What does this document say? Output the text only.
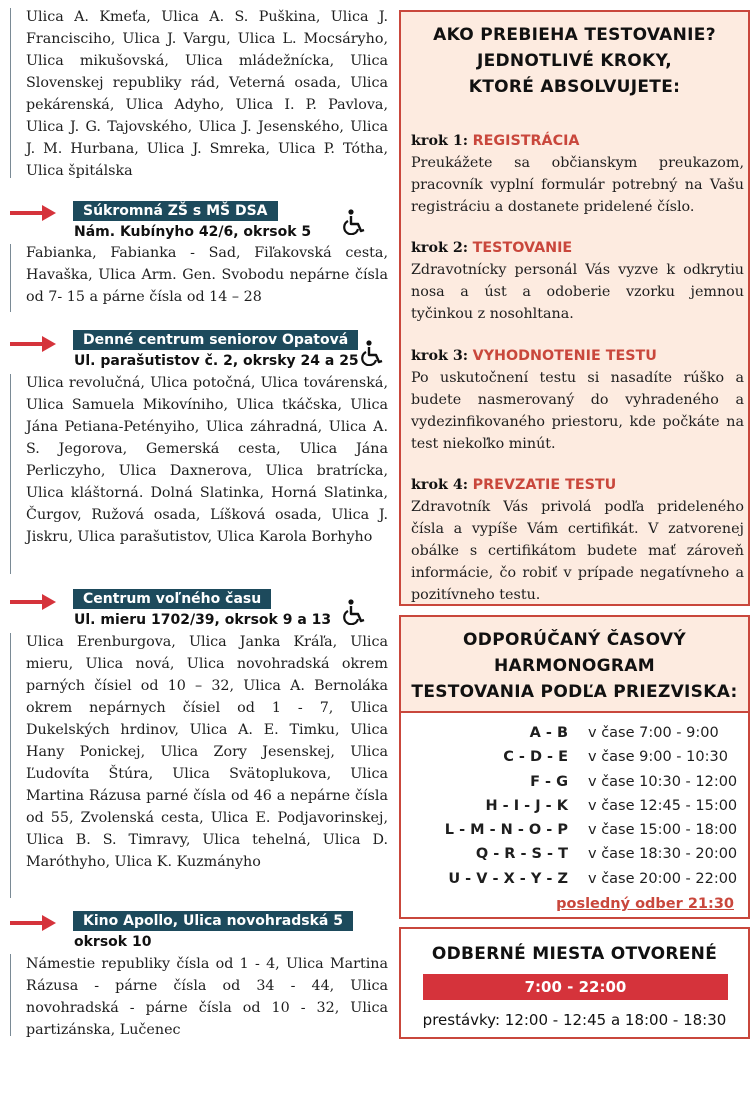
Ulica A. Kmeťa, Ulica A. S. Puškina, Ulica J. Francisciho, Ulica J. Vargu, Ulica L. Mocsáryho, Ulica mikušovská, Ulica mládežnícka, Ulica Slovenskej republiky rád, Veterná osada, Ulica pekárenská, Ulica Adyho, Ulica I. P. Pavlova, Ulica J. G. Tajovského, Ulica J. Jesenského, Ulica J. M. Hurbana, Ulica J. Smreka, Ulica P. Tótha, Ulica špitálska
Súkromná ZŠ s MŠ DSA
Nám. Kubínyho 42/6, okrsok 5
Fabianka, Fabianka - Sad, Fiľakovská cesta, Havaška, Ulica Arm. Gen. Svobodu nepárne čísla od 7- 15 a párne čísla od 14 – 28
Denné centrum seniorov Opatová
Ul. parašutistov č. 2, okrsky 24 a 25
Ulica revolučná, Ulica potočná, Ulica továrenská, Ulica Samuela Mikovíniho, Ulica tkáčska, Ulica Jána Petiana-Petényiho, Ulica záhradná, Ulica A. S. Jegorova, Gemerská cesta, Ulica Jána Perliczyho, Ulica Daxnerova, Ulica bratrícka, Ulica kláštorná. Dolná Slatinka, Horná Slatinka, Čurgov, Ružová osada, Líšková osada, Ulica J. Jiskru, Ulica parašutistov, Ulica Karola Borhyho
Centrum voľného času
Ul. mieru 1702/39, okrsok 9 a 13
Ulica Erenburgova, Ulica Janka Kráľa, Ulica mieru, Ulica nová, Ulica novohradská okrem parných čísiel od 10 – 32, Ulica A. Bernoláka okrem nepárnych čísiel od 1 - 7, Ulica Dukelských hrdinov, Ulica A. E. Timku, Ulica Hany Ponickej, Ulica Zory Jesenskej, Ulica Ľudovíta Štúra, Ulica Svätoplukova, Ulica Martina Rázusa parné čísla od 46 a nepárne čísla od 55, Zvolenská cesta, Ulica E. Podjavorinskej, Ulica B. S. Timravy, Ulica tehelná, Ulica D. Maróthyho, Ulica K. Kuzmányho
Kino Apollo, Ulica novohradská 5
okrsok 10
Námestie republiky čísla od 1 - 4, Ulica Martina Rázusa - párne čísla od 34 - 44, Ulica novohradská - párne čísla od 10 - 32, Ulica partizánska, Lučenec
AKO PREBIEHA TESTOVANIE?
JEDNOTLIVÉ KROKY,
KTORÉ ABSOLVUJETE:
krok 1: REGISTRÁCIA
Preukážete sa občianskym preukazom, pracovník vyplní formulár potrebný na Vašu registráciu a dostanete pridelené číslo.
krok 2: TESTOVANIE
Zdravotnícky personál Vás vyzve k odkrytiu nosa a úst a odoberie vzorku jemnou tyčinkou z nosohltana.
krok 3: VYHODNOTENIE TESTU
Po uskutočnení testu si nasadíte rúško a budete nasmerovaný do vyhradeného a vydezinfikovaného priestoru, kde počkáte na test niekoľko minút.
krok 4: PREVZATIE TESTU
Zdravotník Vás privolá podľa prideleného čísla a vypíše Vám certifikát. V zatvorenej obálke s certifikátom budete mať zároveň informácie, čo robiť v prípade negatívneho a pozitívneho testu.
ODPORÚČANÝ ČASOVÝ
HARMONOGRAM
TESTOVANIA PODĽA PRIEZVISKA:
A - B v čase 7:00 - 9:00
C - D - E v čase 9:00 - 10:30
F - G v čase 10:30 - 12:00
H - I - J - K v čase 12:45 - 15:00
L - M - N - O - P v čase 15:00 - 18:00
Q - R - S - T v čase 18:30 - 20:00
U - V - X - Y - Z v čase 20:00 - 22:00
posledný odber 21:30
ODBERNÉ MIESTA OTVORENÉ
7:00 - 22:00
prestávky: 12:00 - 12:45 a 18:00 - 18:30
